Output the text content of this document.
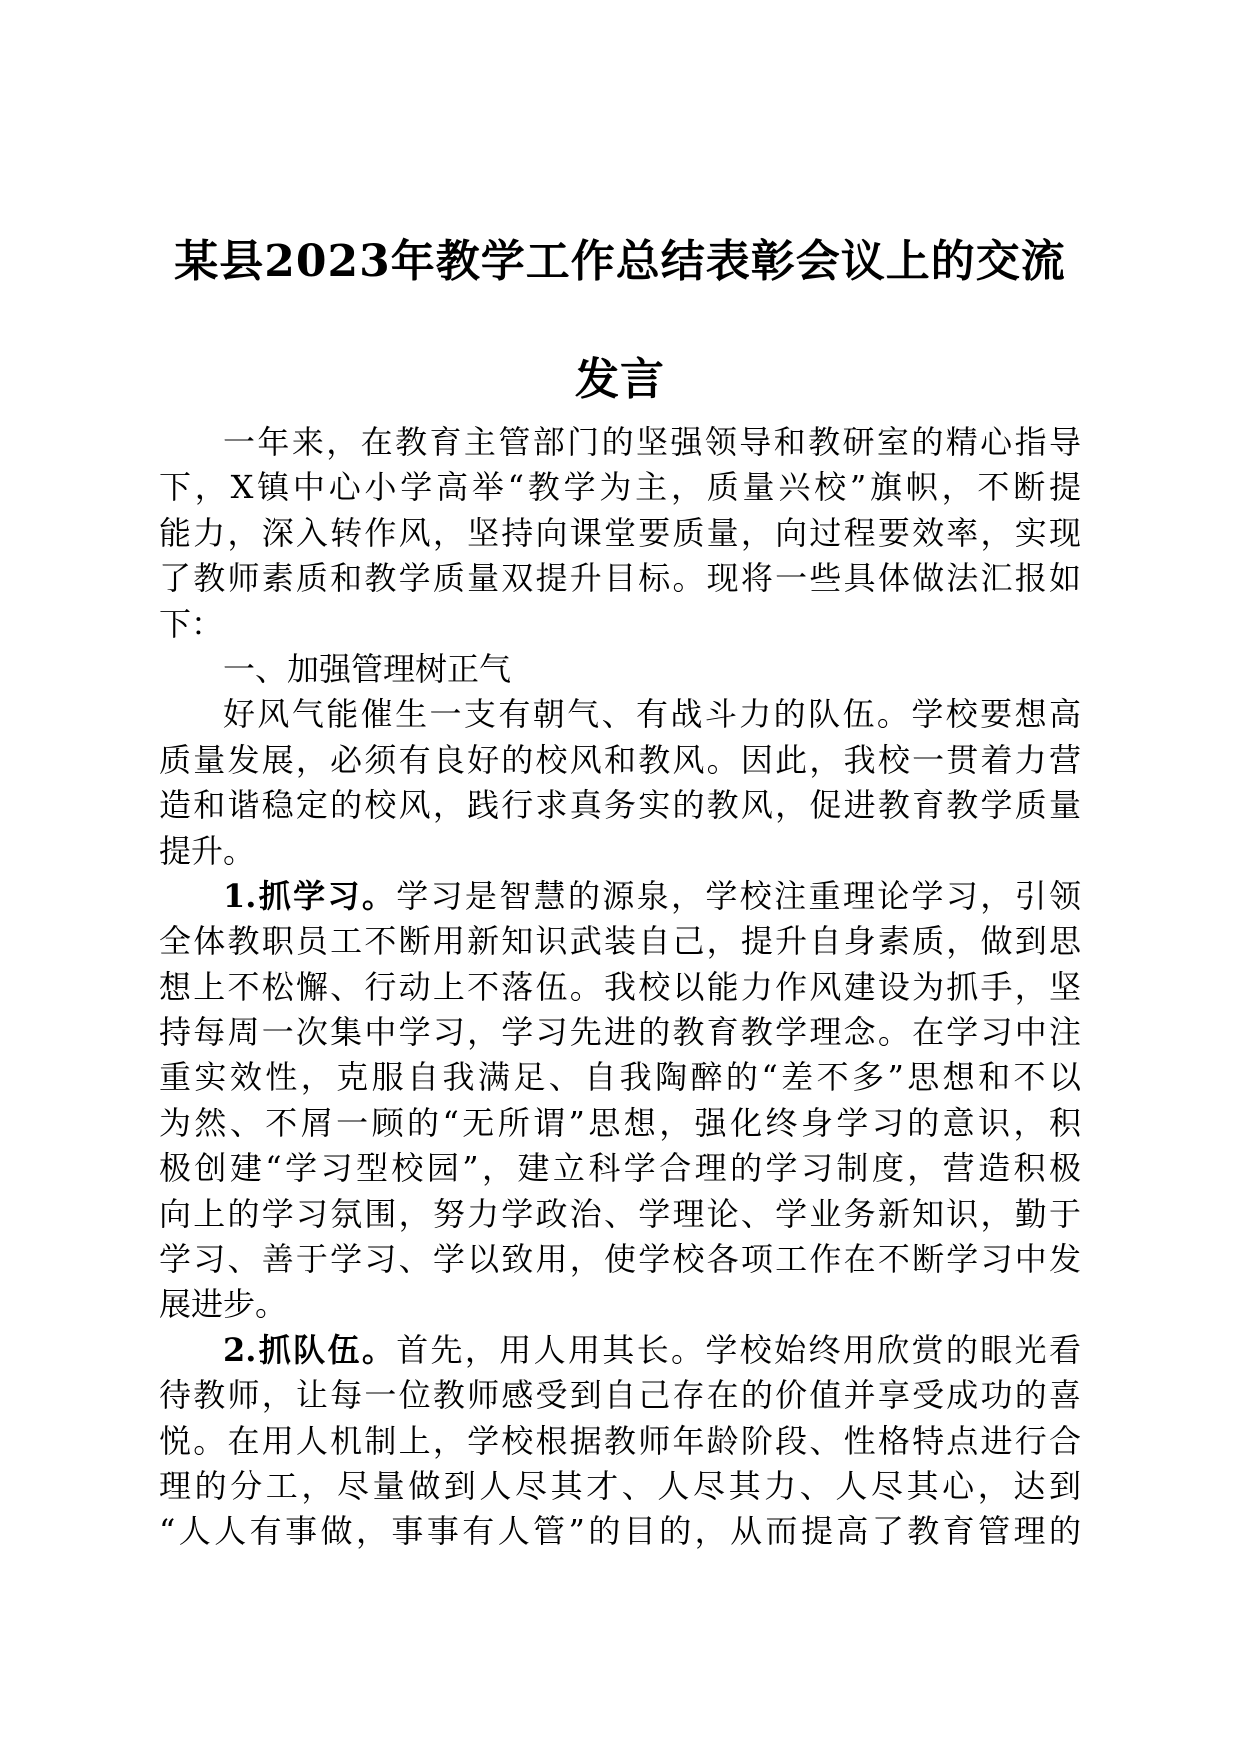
某县2023年教学工作总结表彰会议上的交流
发言
一年来，在教育主管部门的坚强领导和教研室的精心指导
下，X镇中心小学高举“教学为主，质量兴校”旗帜，不断提
能力，深入转作风，坚持向课堂要质量，向过程要效率，实现
了教师素质和教学质量双提升目标。现将一些具体做法汇报如
下：
一、加强管理树正气
好风气能催生一支有朝气、有战斗力的队伍。学校要想高
质量发展，必须有良好的校风和教风。因此，我校一贯着力营
造和谐稳定的校风，践行求真务实的教风，促进教育教学质量
提升。
1.抓学习。学习是智慧的源泉，学校注重理论学习，引领
全体教职员工不断用新知识武装自己，提升自身素质，做到思
想上不松懈、行动上不落伍。我校以能力作风建设为抓手，坚
持每周一次集中学习，学习先进的教育教学理念。在学习中注
重实效性，克服自我满足、自我陶醉的“差不多”思想和不以
为然、不屑一顾的“无所谓”思想，强化终身学习的意识，积
极创建“学习型校园”，建立科学合理的学习制度，营造积极
向上的学习氛围，努力学政治、学理论、学业务新知识，勤于
学习、善于学习、学以致用，使学校各项工作在不断学习中发
展进步。
2.抓队伍。首先，用人用其长。学校始终用欣赏的眼光看
待教师，让每一位教师感受到自己存在的价值并享受成功的喜
悦。在用人机制上，学校根据教师年龄阶段、性格特点进行合
理的分工，尽量做到人尽其才、人尽其力、人尽其心，达到
“人人有事做，事事有人管”的目的，从而提高了教育管理的
